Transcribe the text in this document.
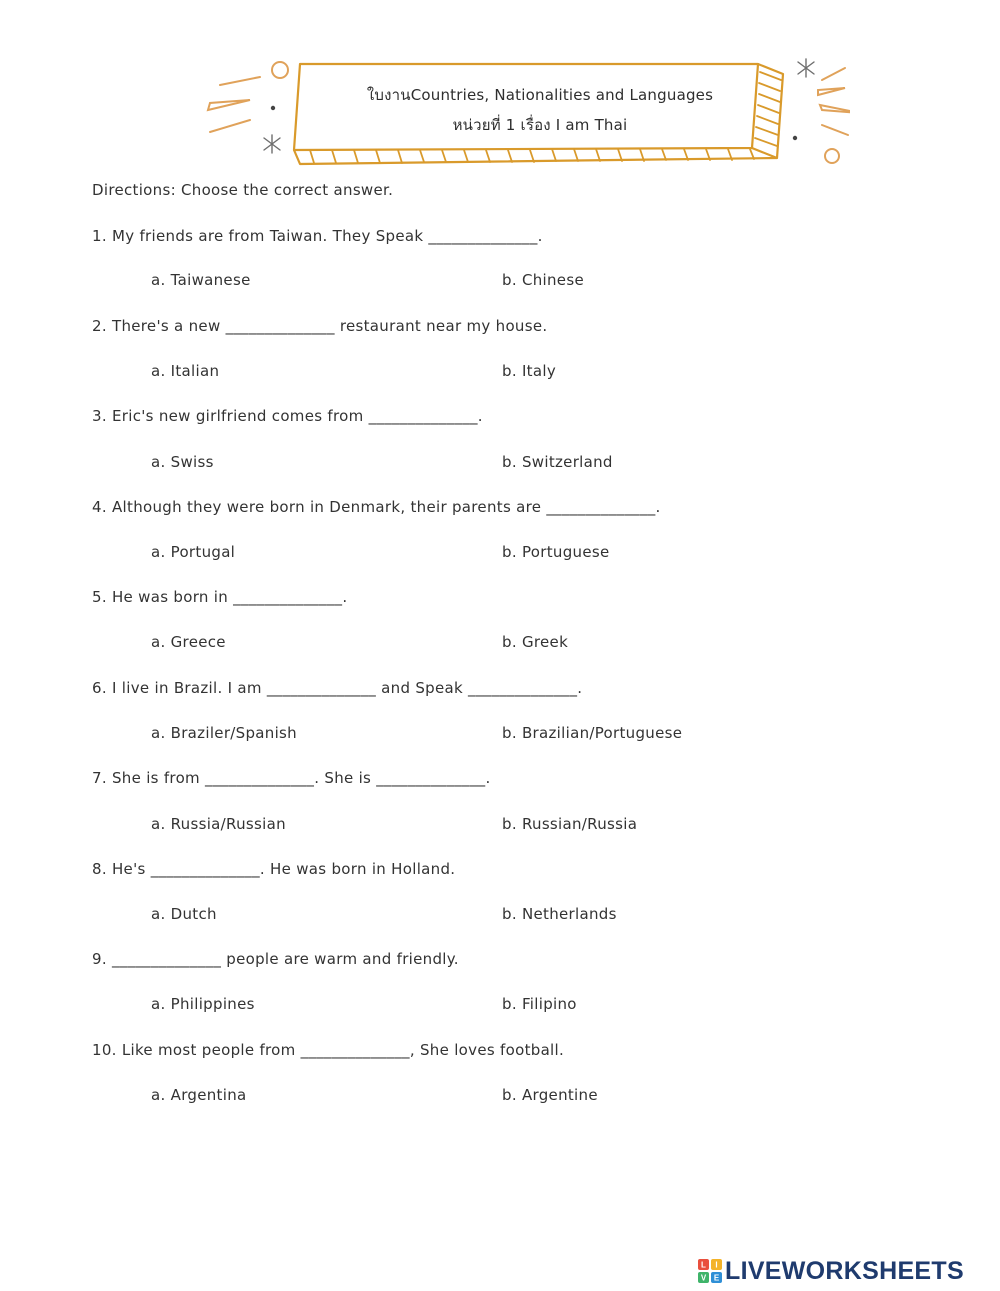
ใบงานCountries, Nationalities and Languages
หน่วยที่ 1 เรื่อง I am Thai
Directions: Choose the correct answer.
1. My friends are from Taiwan. They Speak ______________.
a. Taiwanese	b. Chinese
2. There's a new ______________ restaurant near my house.
a. Italian	b. Italy
3. Eric's new girlfriend comes from ______________.
a. Swiss	b. Switzerland
4. Although they were born in Denmark, their parents are ______________.
a. Portugal	b. Portuguese
5. He was born in ______________.
a. Greece	b. Greek
6. I live in Brazil. I am ______________ and Speak ______________.
a. Braziler/Spanish	b. Brazilian/Portuguese
7. She is from ______________. She is ______________.
a. Russia/Russian	b. Russian/Russia
8. He's ______________. He was born in Holland.
a. Dutch	b. Netherlands
9. ______________ people are warm and friendly.
a. Philippines	b. Filipino
10. Like most people from ______________, She loves football.
a. Argentina	b. Argentine
L I
V E LIVEWORKSHEETS
